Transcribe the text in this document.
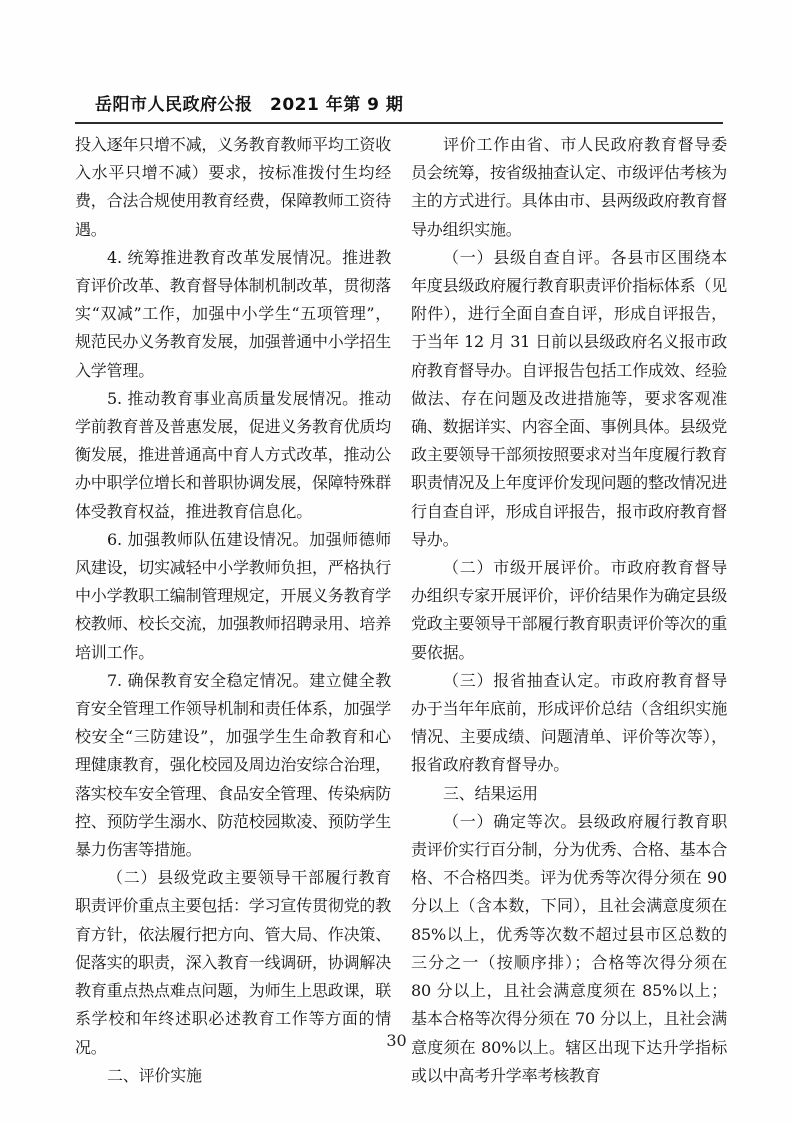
岳阳市人民政府公报　2021 年第 9 期

投入逐年只增不减，义务教育教师平均工资收入水平只增不减）要求，按标准拨付生均经费，合法合规使用教育经费，保障教师工资待遇。

4. 统筹推进教育改革发展情况。推进教育评价改革、教育督导体制机制改革，贯彻落实“双减”工作，加强中小学生“五项管理”，规范民办义务教育发展，加强普通中小学招生入学管理。

5. 推动教育事业高质量发展情况。推动学前教育普及普惠发展，促进义务教育优质均衡发展，推进普通高中育人方式改革，推动公办中职学位增长和普职协调发展，保障特殊群体受教育权益，推进教育信息化。

6. 加强教师队伍建设情况。加强师德师风建设，切实减轻中小学教师负担，严格执行中小学教职工编制管理规定，开展义务教育学校教师、校长交流，加强教师招聘录用、培养培训工作。

7. 确保教育安全稳定情况。建立健全教育安全管理工作领导机制和责任体系，加强学校安全“三防建设”，加强学生生命教育和心理健康教育，强化校园及周边治安综合治理，落实校车安全管理、食品安全管理、传染病防控、预防学生溺水、防范校园欺凌、预防学生暴力伤害等措施。

（二）县级党政主要领导干部履行教育职责评价重点主要包括：学习宣传贯彻党的教育方针，依法履行把方向、管大局、作决策、促落实的职责，深入教育一线调研，协调解决教育重点热点难点问题，为师生上思政课，联系学校和年终述职必述教育工作等方面的情况。

二、评价实施

评价工作由省、市人民政府教育督导委员会统筹，按省级抽查认定、市级评估考核为主的方式进行。具体由市、县两级政府教育督导办组织实施。

（一）县级自查自评。各县市区围绕本年度县级政府履行教育职责评价指标体系（见附件），进行全面自查自评，形成自评报告，于当年 12 月 31 日前以县级政府名义报市政府教育督导办。自评报告包括工作成效、经验做法、存在问题及改进措施等，要求客观准确、数据详实、内容全面、事例具体。县级党政主要领导干部须按照要求对当年度履行教育职责情况及上年度评价发现问题的整改情况进行自查自评，形成自评报告，报市政府教育督导办。

（二）市级开展评价。市政府教育督导办组织专家开展评价，评价结果作为确定县级党政主要领导干部履行教育职责评价等次的重要依据。

（三）报省抽查认定。市政府教育督导办于当年年底前，形成评价总结（含组织实施情况、主要成绩、问题清单、评价等次等），报省政府教育督导办。

三、结果运用

（一）确定等次。县级政府履行教育职责评价实行百分制，分为优秀、合格、基本合格、不合格四类。评为优秀等次得分须在 90 分以上（含本数，下同），且社会满意度须在 85%以上，优秀等次数不超过县市区总数的三分之一（按顺序排）；合格等次得分须在 80 分以上，且社会满意度须在 85%以上；基本合格等次得分须在 70 分以上，且社会满意度须在 80%以上。辖区出现下达升学指标或以中高考升学率考核教育

30
